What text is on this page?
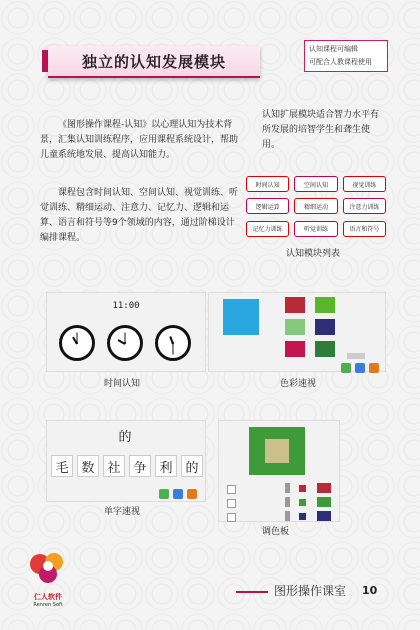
独立的认知发展模块
认知课程可编辑
可配合人教课程使用
《图形操作课程-认知》以心理认知为技术背景，汇集认知训练程序，应用课程系统设计，帮助儿童系统地发展、提高认知能力。
课程包含时间认知、空间认知、视觉训练、听觉训练、精细运动、注意力、记忆力、逻辑和运算、语言和符号等9个领域的内容，通过阶梯设计编排课程。
认知扩展模块适合智力水平有所发展的培智学生和聋生使用。
时间认知	空间认知	视觉训练
逻辑运算	精细运动	注意力训练
记忆力训练	听觉训练	语言和符号
认知模块列表
11:00
时间认知	色彩速视
的
毛 数 社 争 利 的
单字速视
调色板
仁人软件
Renren Soft
图形操作课室 10
